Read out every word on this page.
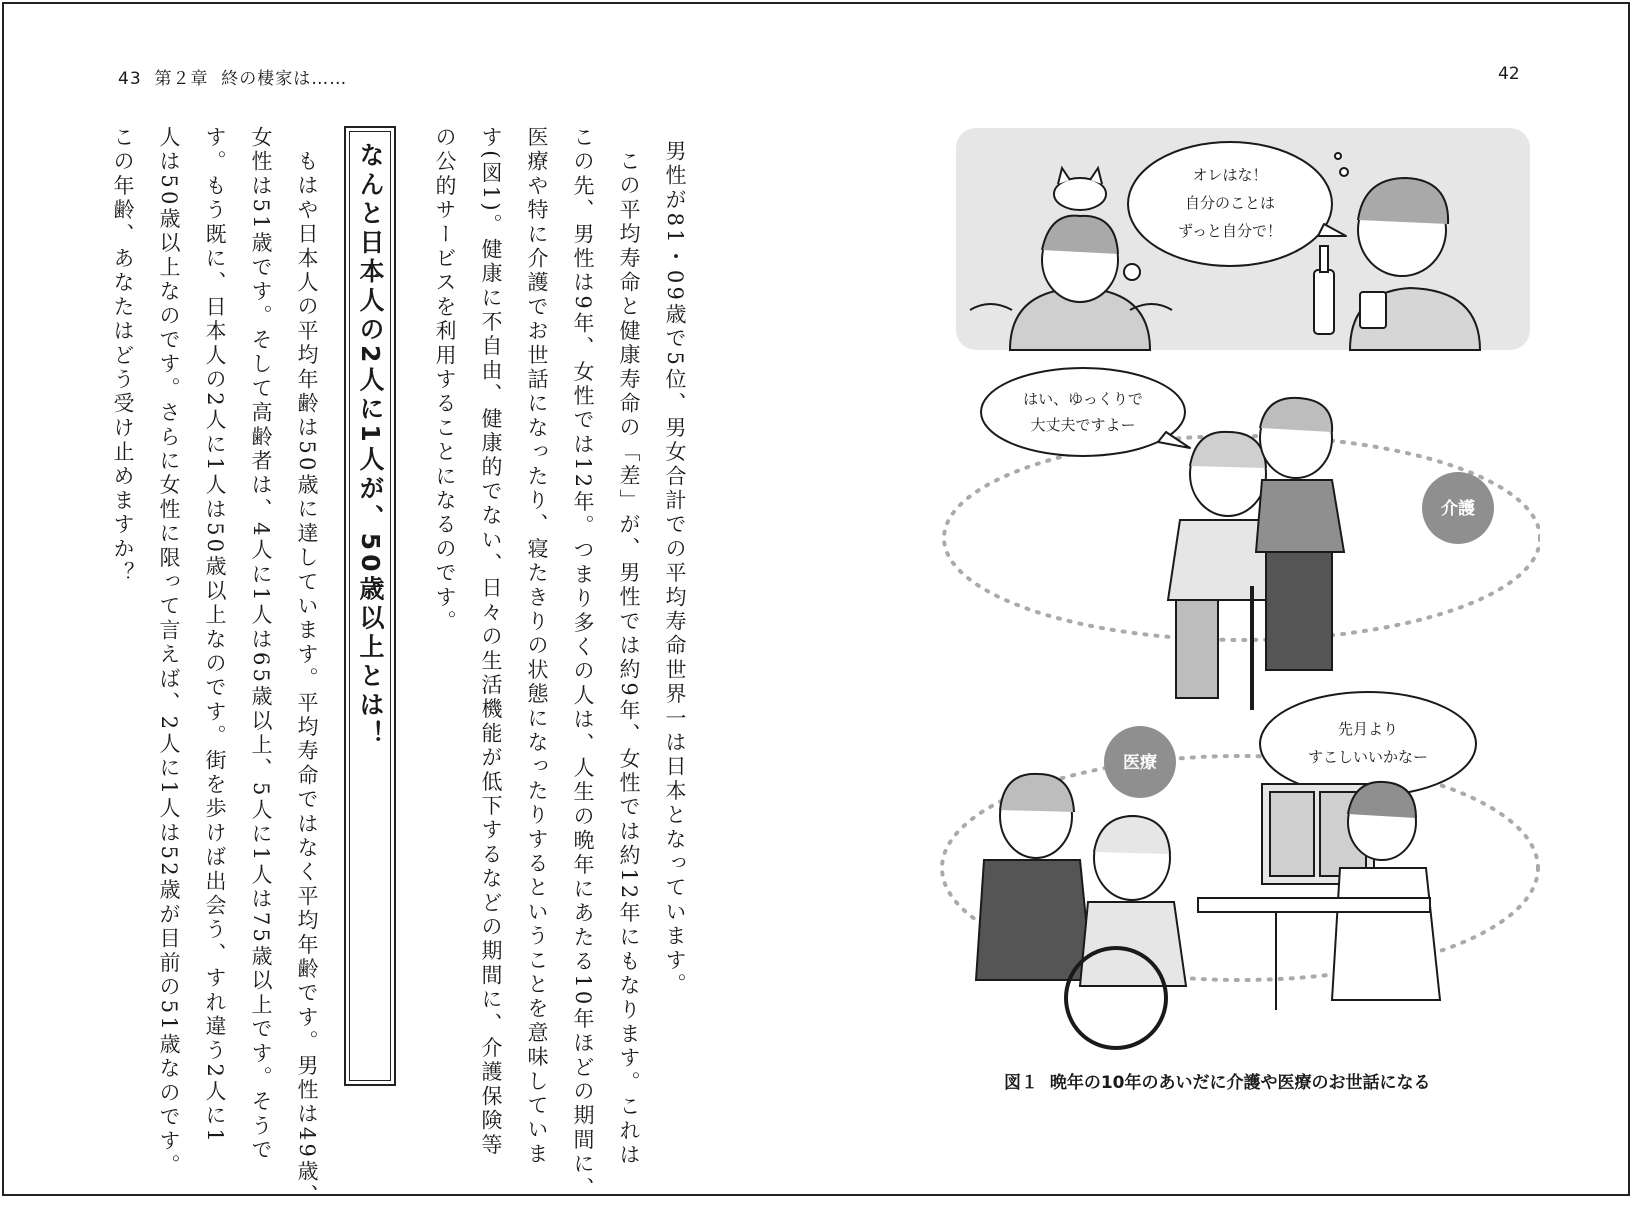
43 第２章 終の棲家は……	42
男性が81・09歳で5位、男女合計での平均寿命世界一は日本となっています。
この平均寿命と健康寿命の「差」が、男性では約9年、女性では約12年にもなります。これは
この先、男性は9年、女性では12年。つまり多くの人は、人生の晩年にあたる10年ほどの期間に、
医療や特に介護でお世話になったり、寝たきりの状態になったりするということを意味していま
す(図1)。健康に不自由、健康的でない、日々の生活機能が低下するなどの期間に、介護保険等
の公的サービスを利用することになるのです。
なんと日本人の2人に1人が、50歳以上とは！
もはや日本人の平均年齢は50歳に達しています。平均寿命ではなく平均年齢です。男性は49歳、
女性は51歳です。そして高齢者は、4人に1人は65歳以上、5人に1人は75歳以上です。そうで
す。もう既に、日本人の2人に1人は50歳以上なのです。街を歩けば出会う、すれ違う2人に1
人は50歳以上なのです。さらに女性に限って言えば、2人に1人は52歳が目前の51歳なのです。
この年齢、あなたはどう受け止めますか？	オレはな！
自分のことは
ずっと自分で！
はい、ゆっくりで
大丈夫ですよー
介護
医療
先月より
すこしいいかなー
図１ 晩年の10年のあいだに介護や医療のお世話になる
